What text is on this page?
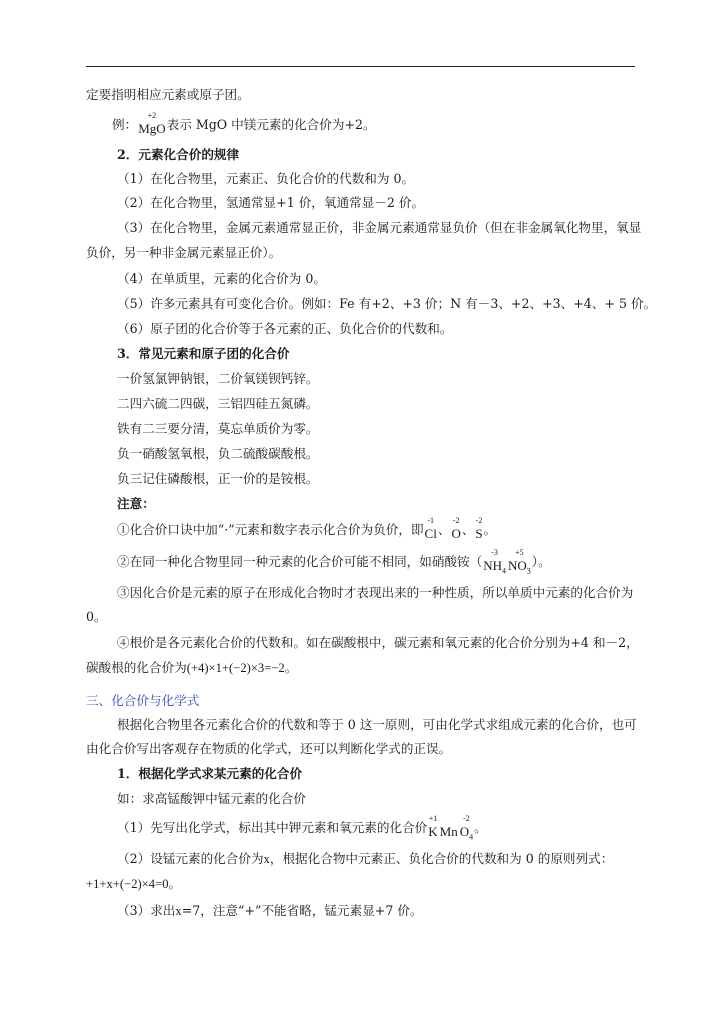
定要指明相应元素或原子团。
例：
+2
MgO表示 MgO 中镁元素的化合价为+2。
2．元素化合价的规律
（1）在化合物里，元素正、负化合价的代数和为 0。
（2）在化合物里，氢通常显+1 价，氧通常显－2 价。
（3）在化合物里，金属元素通常显正价，非金属元素通常显负价（但在非金属氧化物里，氧显
负价，另一种非金属元素显正价）。
（4）在单质里，元素的化合价为 0。
（5）许多元素具有可变化合价。例如：Fe 有+2、+3 价；N 有－3、+2、+3、+4、+ 5 价。
（6）原子团的化合价等于各元素的正、负化合价的代数和。
3．常见元素和原子团的化合价
一价氢氯钾钠银，二价氧镁钡钙锌。
二四六硫二四碳，三铝四硅五氮磷。
铁有二三要分清，莫忘单质价为零。
负一硝酸氢氧根，负二硫酸碳酸根。
负三记住磷酸根，正一价的是铵根。
注意：
①化合价口诀中加“·”元素和数字表示化合价为负价，即
-1
Cl、
-2
O、
-2
S。
②在同一种化合物里同一种元素的化合价可能不相同，如硝酸铵（
-3
$NH_4$
+5
$NO_3$）。
③因化合价是元素的原子在形成化合物时才表现出来的一种性质，所以单质中元素的化合价为
0。
④根价是各元素化合价的代数和。如在碳酸根中，碳元素和氧元素的化合价分别为+4 和－2，
碳酸根的化合价为(+4)×1+(−2)×3=−2。
三、化合价与化学式
根据化合物里各元素化合价的代数和等于 0 这一原则，可由化学式求组成元素的化合价，也可
由化合价写出客观存在物质的化学式，还可以判断化学式的正误。
1．根据化学式求某元素的化合价
如：求高锰酸钾中锰元素的化合价
（1）先写出化学式，标出其中钾元素和氧元素的化合价
+1
K Mn
-2
$O_4$。
（2）设锰元素的化合价为x，根据化合物中元素正、负化合价的代数和为 0 的原则列式：
+1+x+(−2)×4=0。
（3）求出x=7，注意“+”不能省略，锰元素显+7 价。
